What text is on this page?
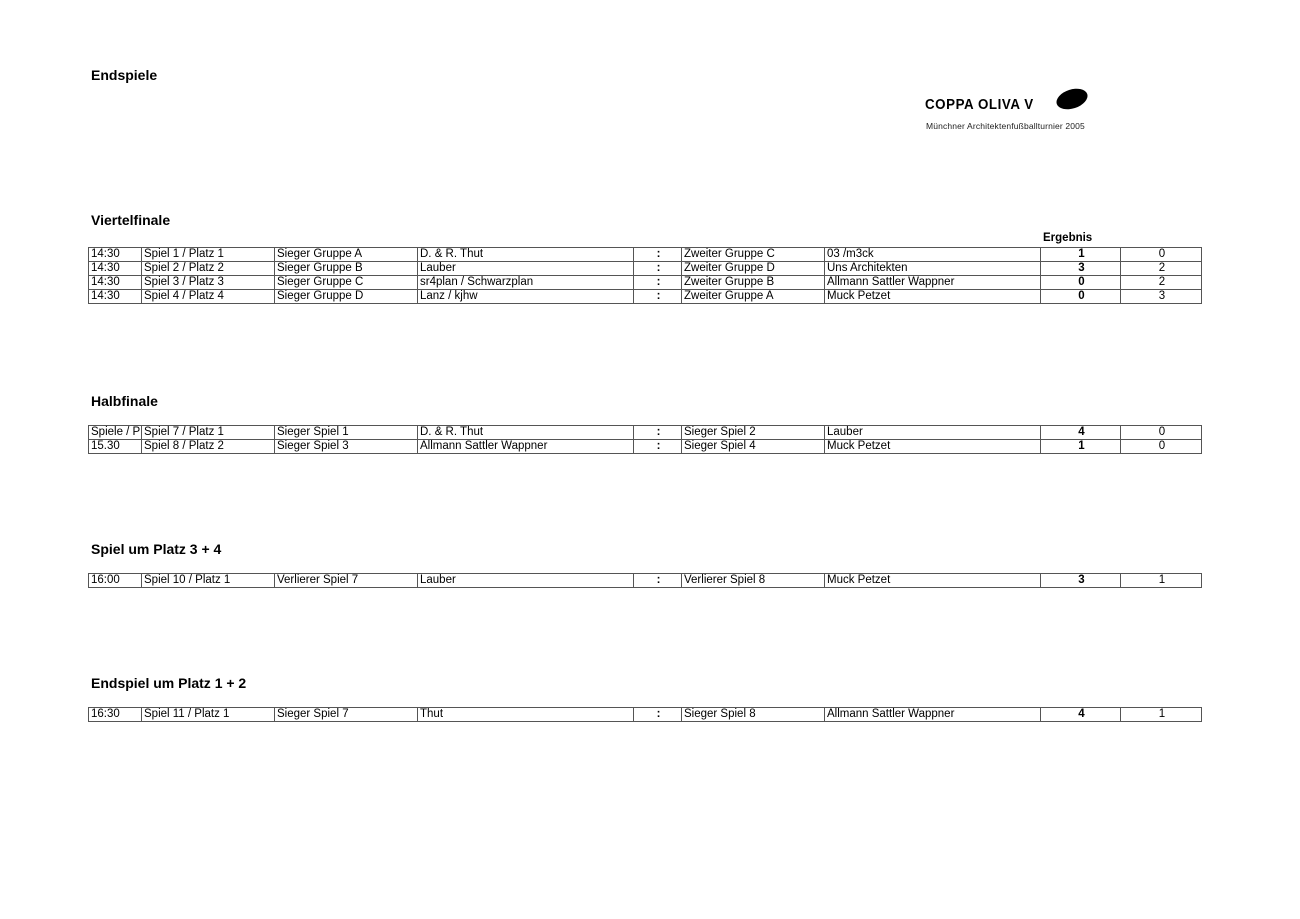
Endspiele
COPPA OLIVA V
Münchner Architektenfußballturnier 2005
Viertelfinale
Ergebnis
14:30	Spiel 1 / Platz 1	Sieger Gruppe A	D. & R. Thut	:	Zweiter Gruppe C	03 /m3ck	1	0
14:30	Spiel 2 / Platz 2	Sieger Gruppe B	Lauber	:	Zweiter Gruppe D	Uns Architekten	3	2
14:30	Spiel 3 / Platz 3	Sieger Gruppe C	sr4plan / Schwarzplan	:	Zweiter Gruppe B	Allmann Sattler Wappner	0	2
14:30	Spiel 4 / Platz 4	Sieger Gruppe D	Lanz / kjhw	:	Zweiter Gruppe A	Muck Petzet	0	3
Halbfinale
Spiele / P	Spiel 7 / Platz 1	Sieger Spiel 1	D. & R. Thut	:	Sieger Spiel 2	Lauber	4	0
15.30	Spiel 8 / Platz 2	Sieger Spiel 3	Allmann Sattler Wappner	:	Sieger Spiel 4	Muck Petzet	1	0
Spiel um Platz 3 + 4
16:00	Spiel 10 / Platz 1	Verlierer Spiel 7	Lauber	:	Verlierer Spiel 8	Muck Petzet	3	1
Endspiel um Platz 1 + 2
16:30	Spiel 11 / Platz 1	Sieger Spiel 7	Thut	:	Sieger Spiel 8	Allmann Sattler Wappner	4	1
